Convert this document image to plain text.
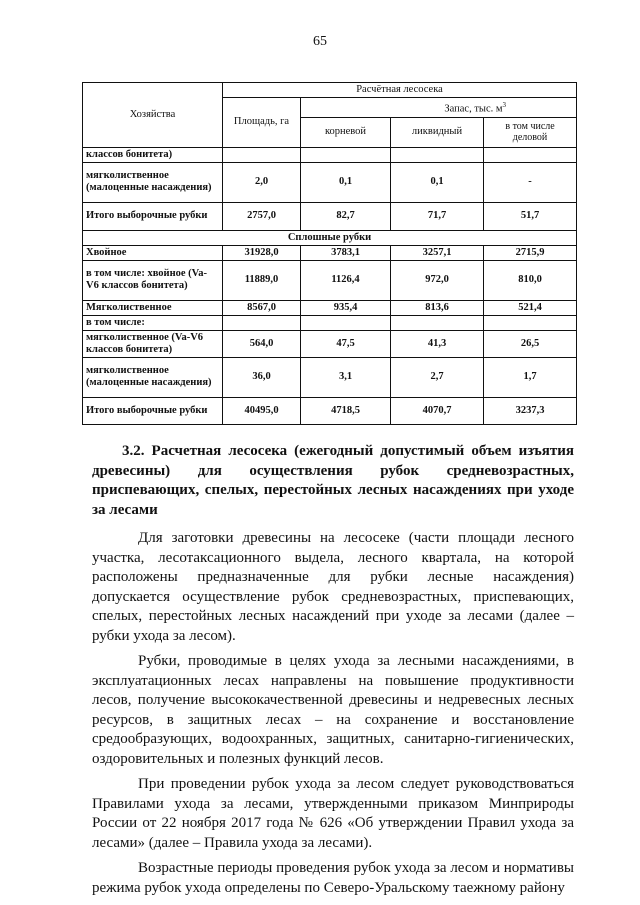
65
Хозяйства	Расчётная лесосека			
	Площадь, га	Запас, тыс. $м^3$
		корневой	ликвидный	в том числе деловой
классов бонитета)				
мягколиственное (малоценные насаждения)	2,0	0,1	0,1	-
Итого выборочные рубки	2757,0	82,7	71,7	51,7
Сплошные рубки				
Хвойное	31928,0	3783,1	3257,1	2715,9
в том числе: хвойное (Va-V6 классов бонитета)	11889,0	1126,4	972,0	810,0
Мягколиственное	8567,0	935,4	813,6	521,4
в том числе:				
мягколиственное (Va-V6 классов бонитета)	564,0	47,5	41,3	26,5
мягколиственное (малоценные насаждения)	36,0	3,1	2,7	1,7
Итого выборочные рубки	40495,0	4718,5	4070,7	3237,3
3.2. Расчетная лесосека (ежегодный допустимый объем изъятия древесины) для осуществления рубок средневозрастных, приспевающих, спелых, перестойных лесных насаждениях при уходе за лесами

Для заготовки древесины на лесосеке (части площади лесного участка, лесотаксационного выдела, лесного квартала, на которой расположены предназначенные для рубки лесные насаждения) допускается осуществление рубок средневозрастных, приспевающих, спелых, перестойных лесных насаждений при уходе за лесами (далее – рубки ухода за лесом).

Рубки, проводимые в целях ухода за лесными насаждениями, в эксплуатационных лесах направлены на повышение продуктивности лесов, получение высококачественной древесины и недревесных лесных ресурсов, в защитных лесах – на сохранение и восстановление средообразующих, водоохранных, защитных, санитарно-гигиенических, оздоровительных и полезных функций лесов.

При проведении рубок ухода за лесом следует руководствоваться Правилами ухода за лесами, утвержденными приказом Минприроды России от 22 ноября 2017 года № 626 «Об утверждении Правил ухода за лесами» (далее – Правила ухода за лесами).

Возрастные периоды проведения рубок ухода за лесом и нормативы режима рубок ухода определены по Северо-Уральскому таежному району
